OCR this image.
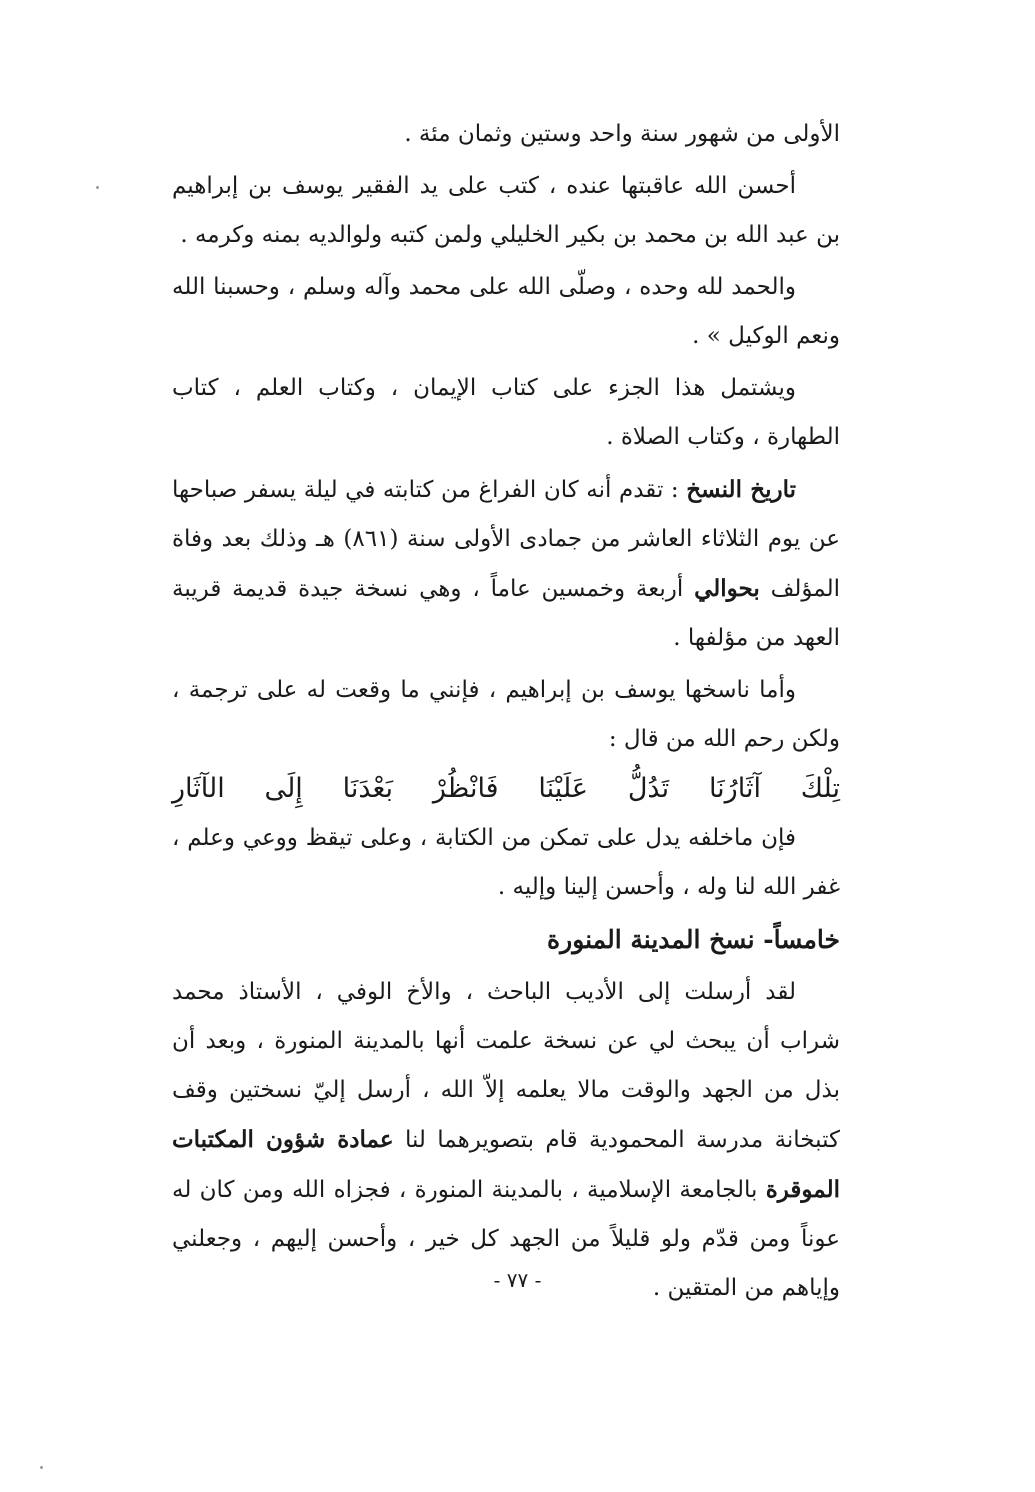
الأولى من شهور سنة واحد وستين وثمان مئة .

أحسن الله عاقبتها عنده ، كتب على يد الفقير يوسف بن إبراهيم بن عبد الله بن محمد بن بكير الخليلي ولمن كتبه ولوالديه بمنه وكرمه .

والحمد لله وحده ، وصلّى الله على محمد وآله وسلم ، وحسبنا الله ونعم الوكيل » .

ويشتمل هذا الجزء على كتاب الإيمان ، وكتاب العلم ، كتاب الطهارة ، وكتاب الصلاة .

تاريخ النسخ : تقدم أنه كان الفراغ من كتابته في ليلة يسفر صباحها عن يوم الثلاثاء العاشر من جمادى الأولى سنة (٨٦١) هـ وذلك بعد وفاة المؤلف بحوالي أربعة وخمسين عاماً ، وهي نسخة جيدة قديمة قريبة العهد من مؤلفها .

وأما ناسخها يوسف بن إبراهيم ، فإنني ما وقعت له على ترجمة ، ولكن رحم الله من قال :

تِلْكَ آثَارُنَا تَدُلُّ عَلَيْنَا فَانْظُرْ بَعْدَنَا إِلَى الآثَارِ

فإن ماخلفه يدل على تمكن من الكتابة ، وعلى تيقظ ووعي وعلم ، غفر الله لنا وله ، وأحسن إلينا وإليه .

خامساً- نسخ المدينة المنورة

لقد أرسلت إلى الأديب الباحث ، والأخ الوفي ، الأستاذ محمد شراب أن يبحث لي عن نسخة علمت أنها بالمدينة المنورة ، وبعد أن بذل من الجهد والوقت مالا يعلمه إلاّ الله ، أرسل إليّ نسختين وقف كتبخانة مدرسة المحمودية قام بتصويرهما لنا عمادة شؤون المكتبات الموقرة بالجامعة الإسلامية ، بالمدينة المنورة ، فجزاه الله ومن كان له عوناً ومن قدّم ولو قليلاً من الجهد كل خير ، وأحسن إليهم ، وجعلني وإياهم من المتقين .

- ٧٧ -
